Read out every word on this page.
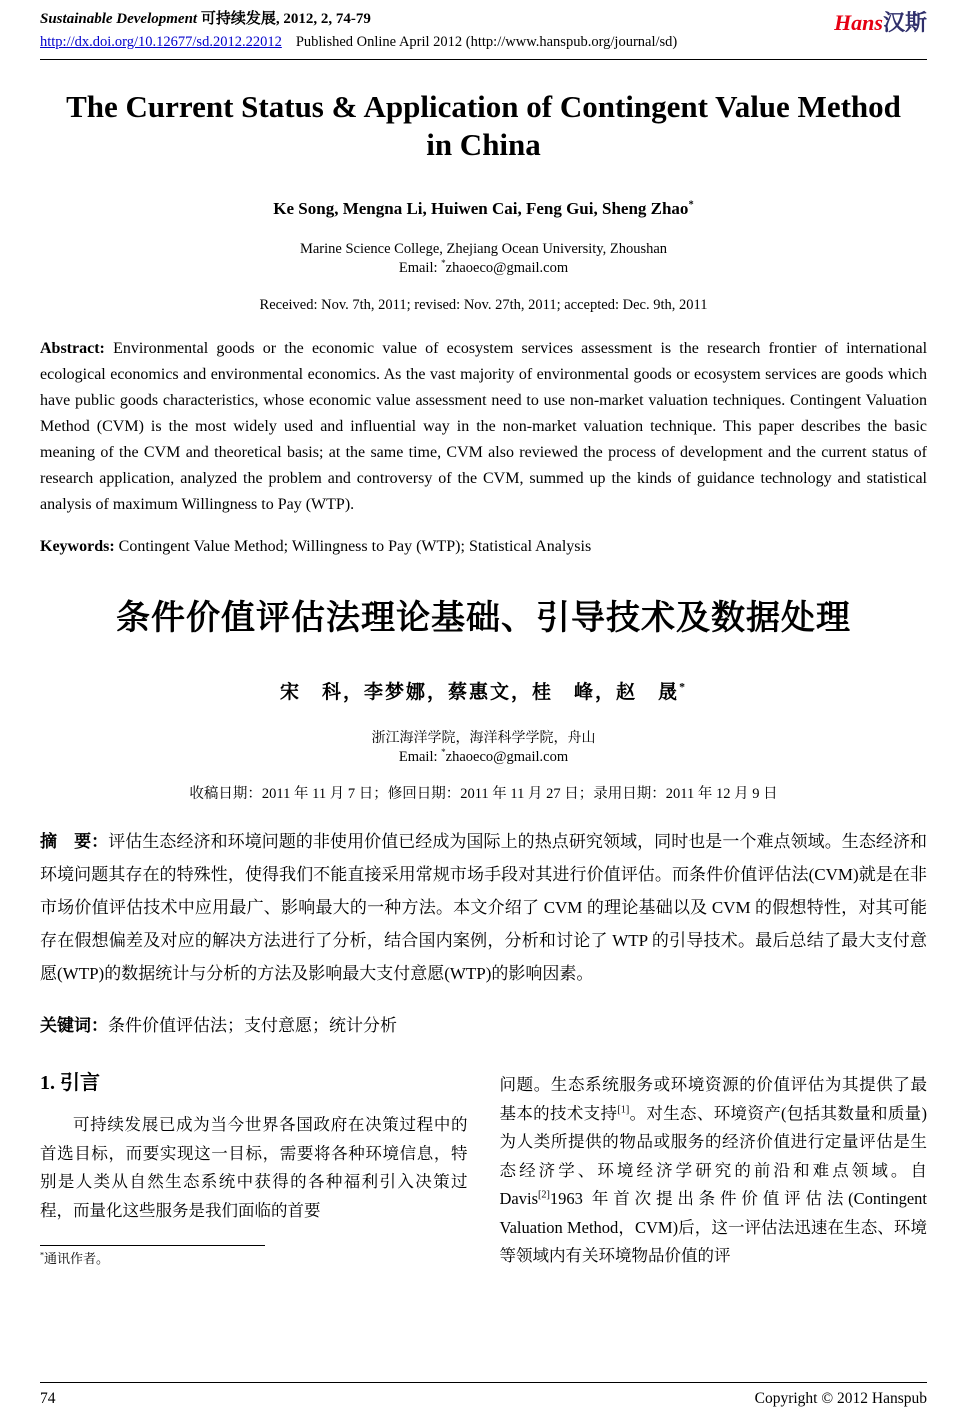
Sustainable Development 可持续发展, 2012, 2, 74-79
http://dx.doi.org/10.12677/sd.2012.22012 Published Online April 2012 (http://www.hanspub.org/journal/sd)
Hans汉斯
The Current Status & Application of Contingent Value Method in China
Ke Song, Mengna Li, Huiwen Cai, Feng Gui, Sheng Zhao*
Marine Science College, Zhejiang Ocean University, Zhoushan
Email: *zhaoeco@gmail.com
Received: Nov. 7th, 2011; revised: Nov. 27th, 2011; accepted: Dec. 9th, 2011

Abstract: Environmental goods or the economic value of ecosystem services assessment is the research frontier of international ecological economics and environmental economics. As the vast majority of environmental goods or ecosystem services are goods which have public goods characteristics, whose economic value assessment need to use non-market valuation techniques. Contingent Valuation Method (CVM) is the most widely used and influential way in the non-market valuation technique. This paper describes the basic meaning of the CVM and theoretical basis; at the same time, CVM also reviewed the process of development and the current status of research application, analyzed the problem and controversy of the CVM, summed up the kinds of guidance technology and statistical analysis of maximum Willingness to Pay (WTP).

Keywords: Contingent Value Method; Willingness to Pay (WTP); Statistical Analysis

条件价值评估法理论基础、引导技术及数据处理
宋　科，李梦娜，蔡惠文，桂　峰，赵　晟*
浙江海洋学院，海洋科学学院，舟山
Email: *zhaoeco@gmail.com
收稿日期：2011 年 11 月 7 日；修回日期：2011 年 11 月 27 日；录用日期：2011 年 12 月 9 日

摘　要：评估生态经济和环境问题的非使用价值已经成为国际上的热点研究领域，同时也是一个难点领域。生态经济和环境问题其存在的特殊性，使得我们不能直接采用常规市场手段对其进行价值评估。而条件价值评估法(CVM)就是在非市场价值评估技术中应用最广、影响最大的一种方法。本文介绍了 CVM 的理论基础以及 CVM 的假想特性，对其可能存在假想偏差及对应的解决方法进行了分析，结合国内案例，分析和讨论了 WTP 的引导技术。最后总结了最大支付意愿(WTP)的数据统计与分析的方法及影响最大支付意愿(WTP)的影响因素。

关键词：条件价值评估法；支付意愿；统计分析

1. 引言

可持续发展已成为当今世界各国政府在决策过程中的首选目标，而要实现这一目标，需要将各种环境信息，特别是人类从自然生态系统中获得的各种福利引入决策过程，而量化这些服务是我们面临的首要

*通讯作者。

问题。生态系统服务或环境资源的价值评估为其提供了最基本的技术支持[1]。对生态、环境资产(包括其数量和质量)为人类所提供的物品或服务的经济价值进行定量评估是生态经济学、环境经济学研究的前沿和难点领域。自 Davis[2]1963 年首次提出条件价值评估法(Contingent Valuation Method，CVM)后，这一评估法迅速在生态、环境等领域内有关环境物品价值的评

74	Copyright © 2012 Hanspub
